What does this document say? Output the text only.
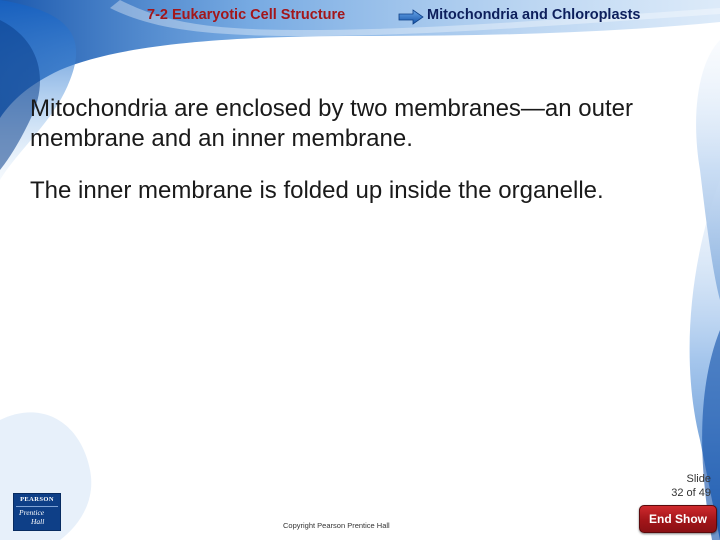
7-2 Eukaryotic Cell Structure	Mitochondria and Chloroplasts

Mitochondria are enclosed by two membranes—an outer membrane and an inner membrane.

The inner membrane is folded up inside the organelle.

Slide
32 of 49
Copyright Pearson Prentice Hall
PEARSON
Prentice
Hall	End Show
